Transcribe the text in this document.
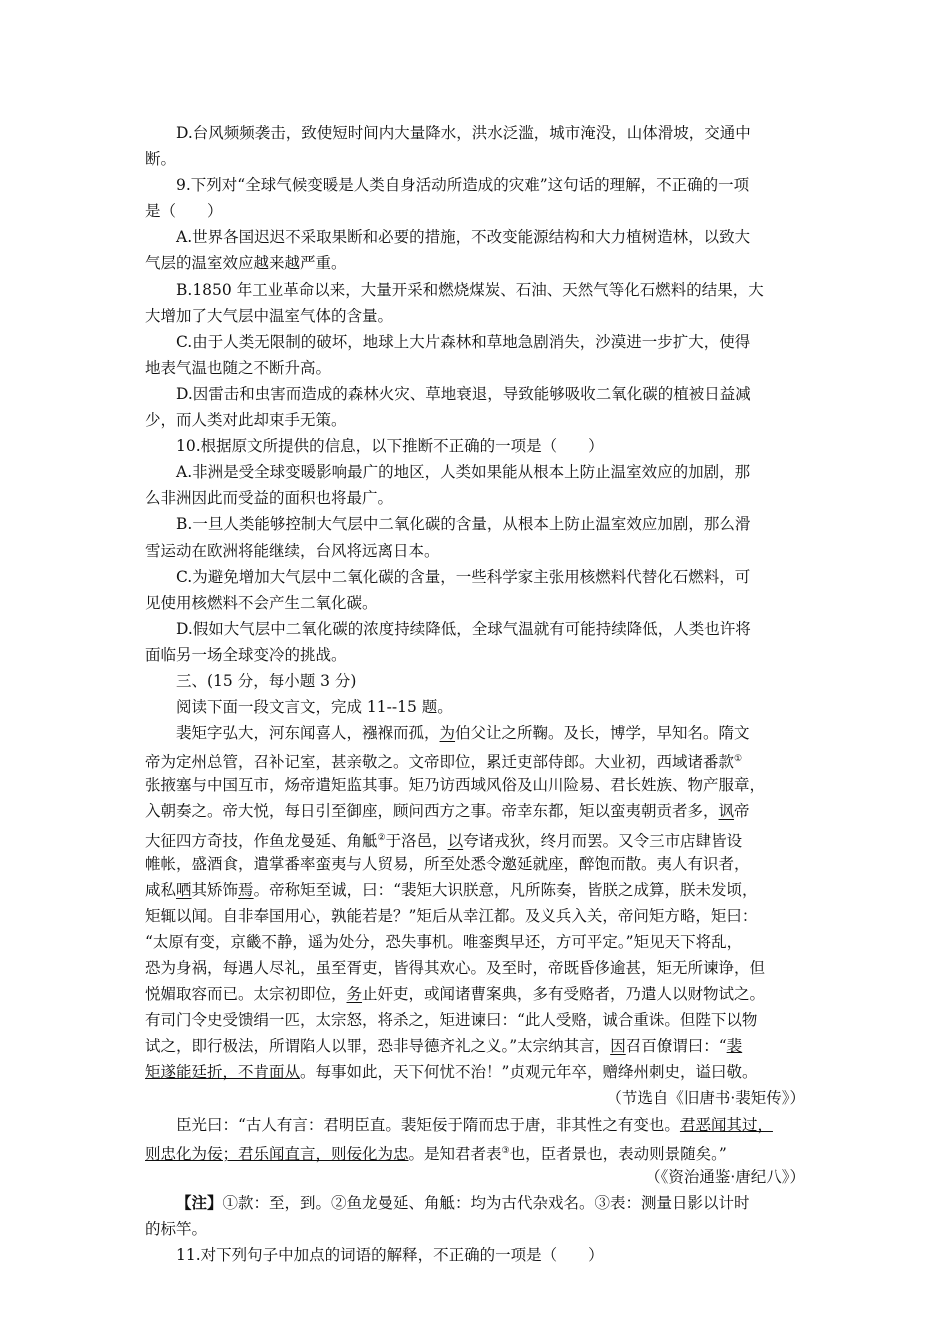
D.台风频频袭击，致使短时间内大量降水，洪水泛滥，城市淹没，山体滑坡，交通中
断。
9.下列对“全球气候变暖是人类自身活动所造成的灾难”这句话的理解，不正确的一项
是（　　）
A.世界各国迟迟不采取果断和必要的措施，不改变能源结构和大力植树造林，以致大
气层的温室效应越来越严重。
B.1850 年工业革命以来，大量开采和燃烧煤炭、石油、天然气等化石燃料的结果，大
大增加了大气层中温室气体的含量。
C.由于人类无限制的破坏，地球上大片森林和草地急剧消失，沙漠进一步扩大，使得
地表气温也随之不断升高。
D.因雷击和虫害而造成的森林火灾、草地衰退，导致能够吸收二氧化碳的植被日益减
少，而人类对此却束手无策。
10.根据原文所提供的信息，以下推断不正确的一项是（　　）
A.非洲是受全球变暖影响最广的地区，人类如果能从根本上防止温室效应的加剧，那
么非洲因此而受益的面积也将最广。
B.一旦人类能够控制大气层中二氧化碳的含量，从根本上防止温室效应加剧，那么滑
雪运动在欧洲将能继续，台风将远离日本。
C.为避免增加大气层中二氧化碳的含量，一些科学家主张用核燃料代替化石燃料，可
见使用核燃料不会产生二氧化碳。
D.假如大气层中二氧化碳的浓度持续降低，全球气温就有可能持续降低，人类也许将
面临另一场全球变冷的挑战。
三、(15 分，每小题 3 分)
阅读下面一段文言文，完成 11--15 题。
裴矩字弘大，河东闻喜人，襁褓而孤，为伯父让之所鞠。及长，博学，早知名。隋文
帝为定州总管，召补记室，甚亲敬之。文帝即位，累迁吏部侍郎。大业初，西域诸番款①
张掖塞与中国互市，炀帝遣矩监其事。矩乃访西域风俗及山川险易、君长姓族、物产服章，
入朝奏之。帝大悦，每日引至御座，顾问西方之事。帝幸东都，矩以蛮夷朝贡者多，讽帝
大征四方奇技，作鱼龙曼延、角觝②于洛邑，以夸诸戎狄，终月而罢。又令三市店肆皆设
帷帐，盛酒食，遣掌番率蛮夷与人贸易，所至处悉令邀延就座，醉饱而散。夷人有识者，
咸私哂其矫饰焉。帝称矩至诚，曰：“裴矩大识朕意，凡所陈奏，皆朕之成算，朕未发顷，
矩辄以闻。自非奉国用心，孰能若是？”矩后从幸江都。及义兵入关，帝问矩方略，矩曰：
“太原有变，京畿不静，遥为处分，恐失事机。唯銮舆早还，方可平定。”矩见天下将乱，
恐为身祸，每遇人尽礼，虽至胥吏，皆得其欢心。及至时，帝既昏侈逾甚，矩无所谏诤，但
悦媚取容而已。太宗初即位，务止奸吏，或闻诸曹案典，多有受赂者，乃遣人以财物试之。
有司门令史受馈绢一匹，太宗怒，将杀之，矩进谏曰：“此人受赂，诚合重诛。但陛下以物
试之，即行极法，所谓陷人以罪，恐非导德齐礼之义。”太宗纳其言，因召百僚谓曰：“裴
矩遂能廷折，不肯面从。每事如此，天下何忧不治！”贞观元年卒，赠绛州刺史，谥曰敬。
（节选自《旧唐书·裴矩传》）
臣光曰：“古人有言：君明臣直。裴矩佞于隋而忠于唐，非其性之有变也。君恶闻其过，
则忠化为佞；君乐闻直言，则佞化为忠。是知君者表③也，臣者景也，表动则景随矣。”
（《资治通鉴·唐纪八》）
【注】①款：至，到。②鱼龙曼延、角觝：均为古代杂戏名。③表：测量日影以计时
的标竿。
11.对下列句子中加点的词语的解释，不正确的一项是（　　）
